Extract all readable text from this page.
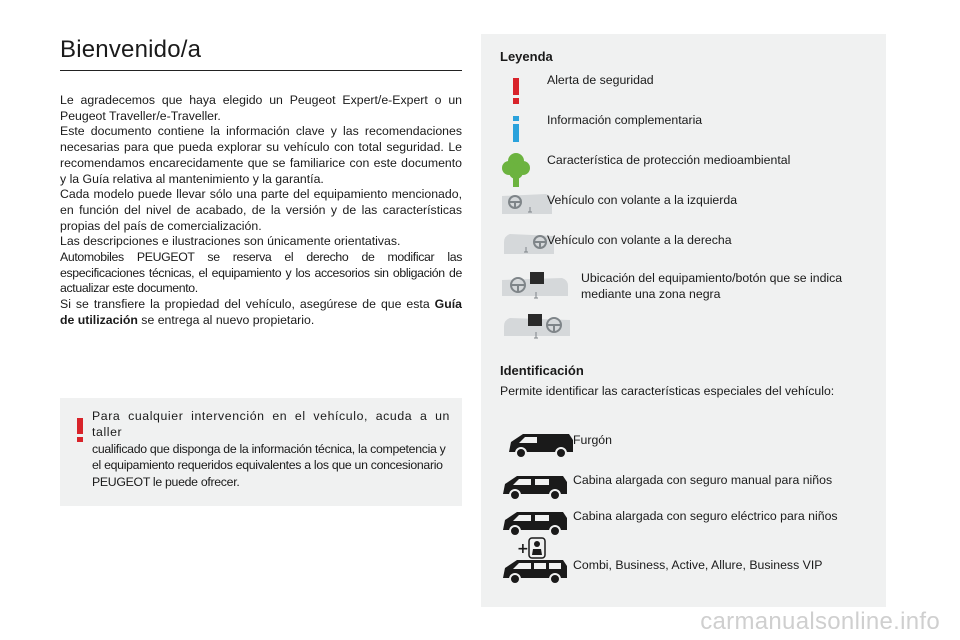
Bienvenido/a

Le agradecemos que haya elegido un Peugeot Expert/e-Expert o un Peugeot Traveller/e-Traveller.

Este documento contiene la información clave y las recomendaciones necesarias para que pueda explorar su vehículo con total seguridad. Le recomendamos encarecidamente que se familiarice con este documento y la Guía relativa al mantenimiento y la garantía.

Cada modelo puede llevar sólo una parte del equipamiento mencionado, en función del nivel de acabado, de la versión y de las características propias del país de comercialización.

Las descripciones e ilustraciones son únicamente orientativas.

Automobiles PEUGEOT se reserva el derecho de modificar las especificaciones técnicas, el equipamiento y los accesorios sin obligación de actualizar este documento.

Si se transfiere la propiedad del vehículo, asegúrese de que esta Guía de utilización se entrega al nuevo propietario.

Para cualquier intervención en el vehículo, acuda a un taller
cualificado que disponga de la información técnica, la competencia y el equipamiento requeridos equivalentes a los que un concesionario PEUGEOT le puede ofrecer.
Leyenda
Alerta de seguridad
Información complementaria
Característica de protección medioambiental
Vehículo con volante a la izquierda
Vehículo con volante a la derecha
Ubicación del equipamiento/botón que se indica mediante una zona negra
Identificación
Permite identificar las características especiales del vehículo:
Furgón
Cabina alargada con seguro manual para niños
+
Cabina alargada con seguro eléctrico para niños
Combi, Business, Active, Allure, Business VIP
carmanualsonline.info
